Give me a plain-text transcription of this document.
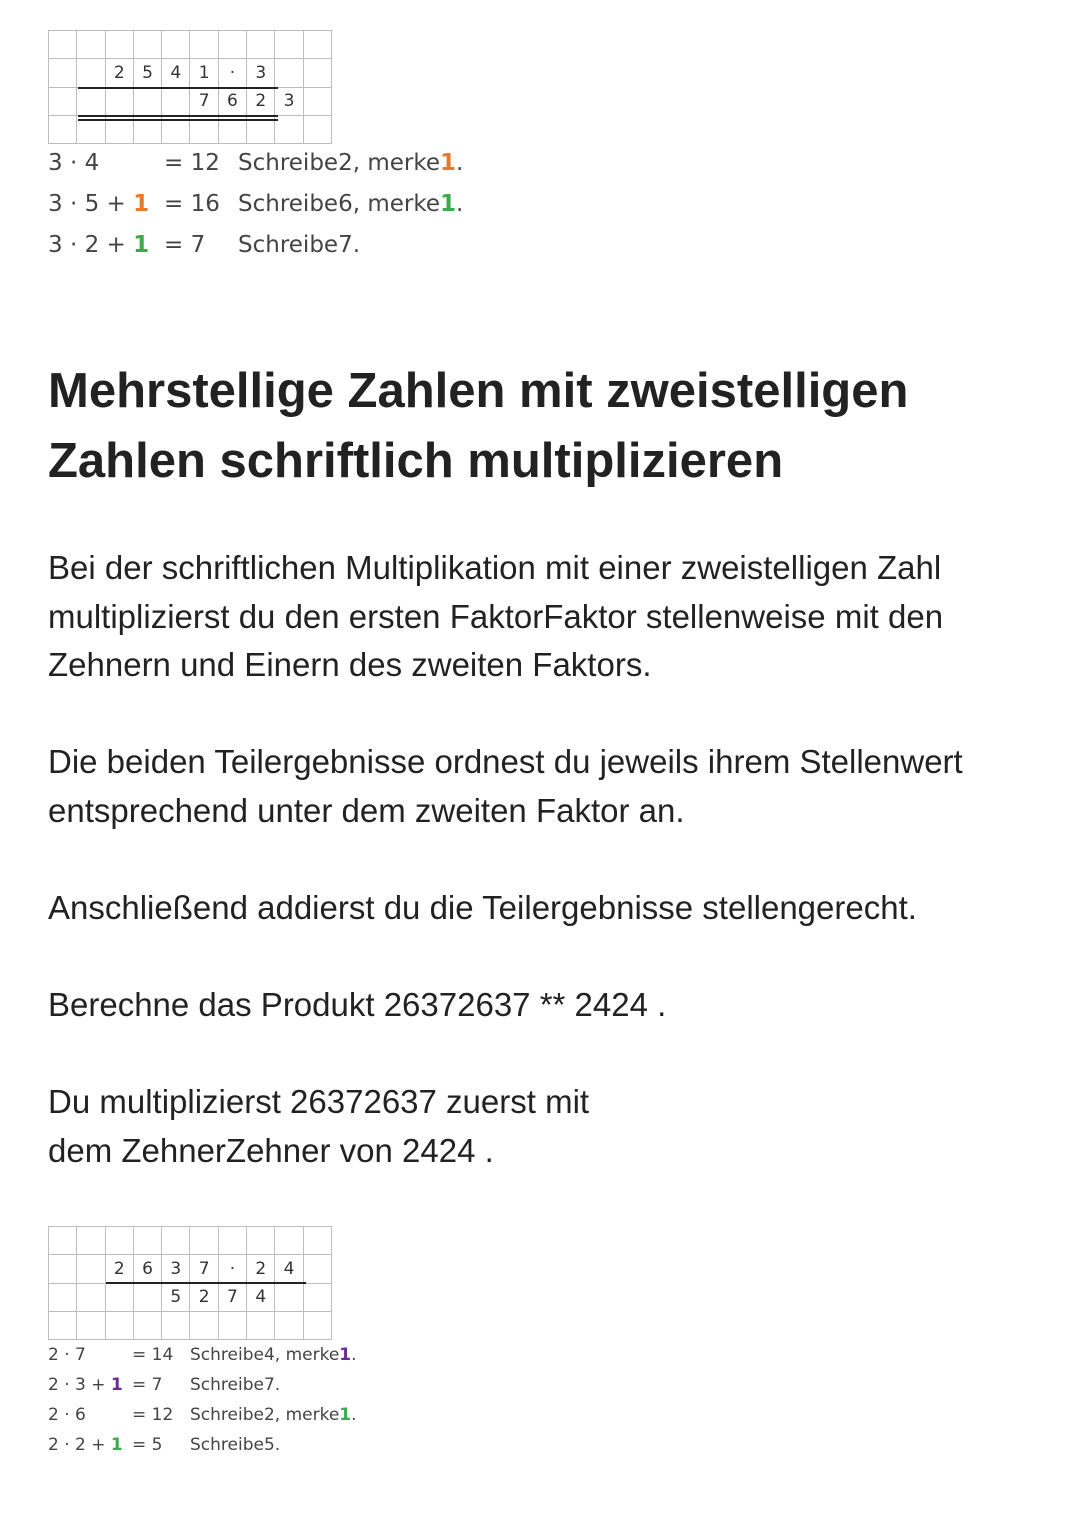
		2	5	4	1	·	3		
					7	6	2	3	

3 · 4	= 12 Schreibe2, merke1.
3 · 5 + 1 = 16 Schreibe6, merke1.
3 · 2 + 1 = 7 Schreibe7.
Mehrstellige Zahlen mit zweistelligen Zahlen schriftlich multiplizieren

Bei der schriftlichen Multiplikation mit einer zweistelligen Zahl multiplizierst du den ersten FaktorFaktor stellenweise mit den Zehnern und Einern des zweiten Faktors.

Die beiden Teilergebnisse ordnest du jeweils ihrem Stellenwert entsprechend unter dem zweiten Faktor an.

Anschließend addierst du die Teilergebnisse stellengerecht.

Berechne das Produkt 26372637 ** 2424 .

Du multiplizierst 26372637 zuerst mit

dem ZehnerZehner von 2424 .

		2	6	3	7	·	2	4	
				5	2	7	4		

2 · 7	= 14 Schreibe4, merke1.
2 · 3 + 1 = 7 Schreibe7.
2 · 6	= 12 Schreibe2, merke1.
2 · 2 + 1 = 5 Schreibe5.
